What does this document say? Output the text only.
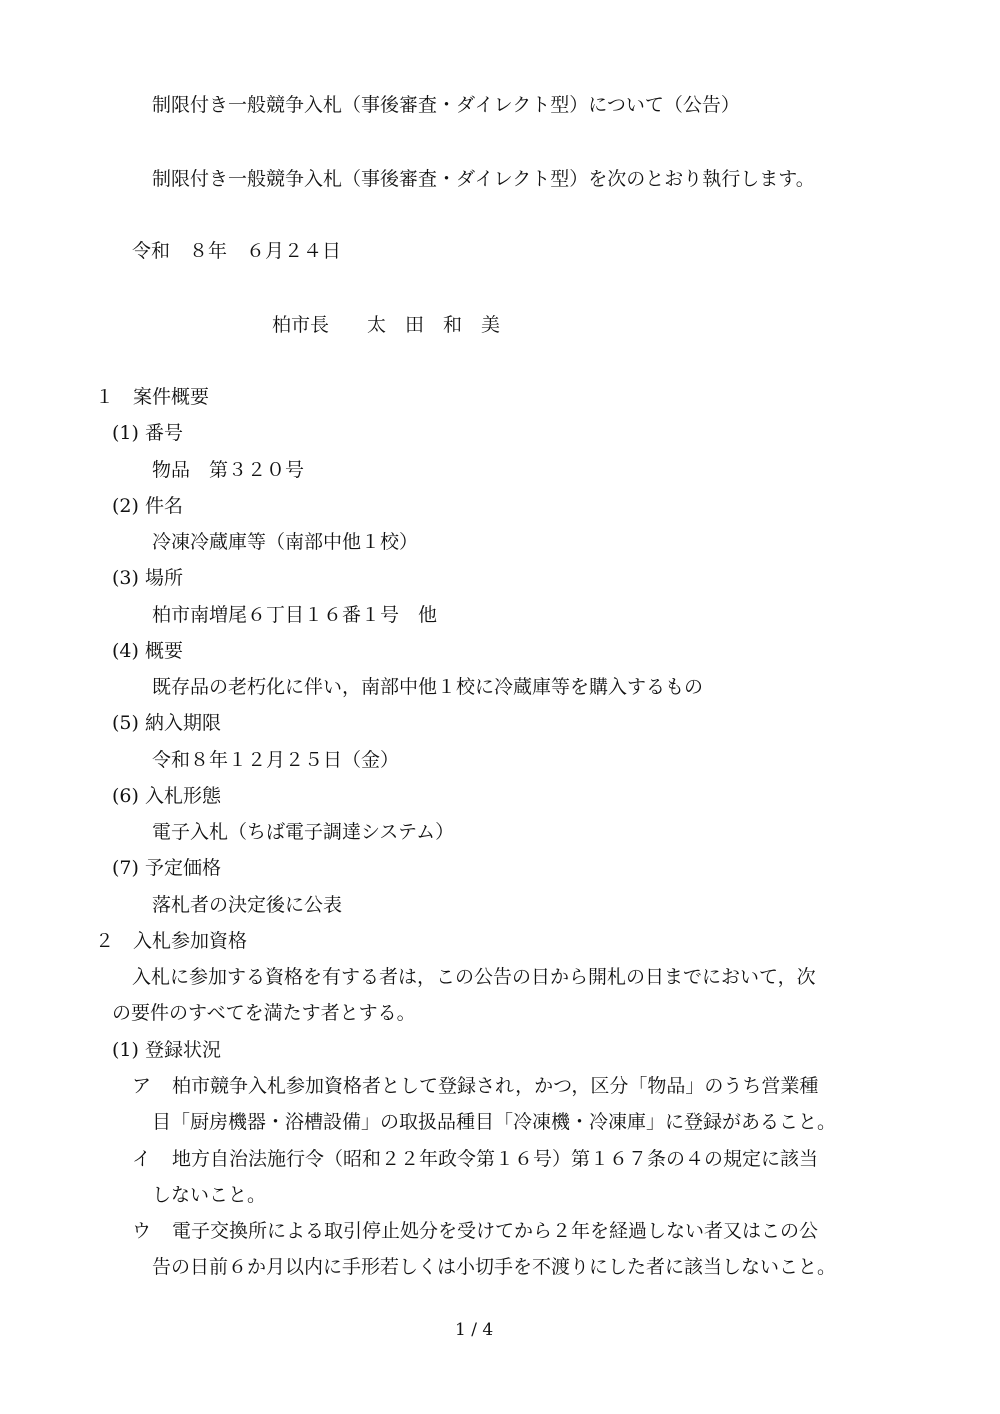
制限付き一般競争入札（事後審査・ダイレクト型）について（公告）
制限付き一般競争入札（事後審査・ダイレクト型）を次のとおり執行します。
令和　８年　６月２４日
柏市長　　太　田　和　美
１　案件概要
(1) 番号
物品　第３２０号
(2) 件名
冷凍冷蔵庫等（南部中他１校）
(3) 場所
柏市南増尾６丁目１６番１号　他
(4) 概要
既存品の老朽化に伴い，南部中他１校に冷蔵庫等を購入するもの
(5) 納入期限
令和８年１２月２５日（金）
(6) 入札形態
電子入札（ちば電子調達システム）
(7) 予定価格
落札者の決定後に公表
２　入札参加資格
入札に参加する資格を有する者は，この公告の日から開札の日までにおいて，次
の要件のすべてを満たす者とする。
(1) 登録状況
ア 柏市競争入札参加資格者として登録され，かつ，区分「物品」のうち営業種
目「厨房機器・浴槽設備」の取扱品種目「冷凍機・冷凍庫」に登録があること。
イ 地方自治法施行令（昭和２２年政令第１６号）第１６７条の４の規定に該当
しないこと。
ウ 電子交換所による取引停止処分を受けてから２年を経過しない者又はこの公
告の日前６か月以内に手形若しくは小切手を不渡りにした者に該当しないこと。
1 / 4
